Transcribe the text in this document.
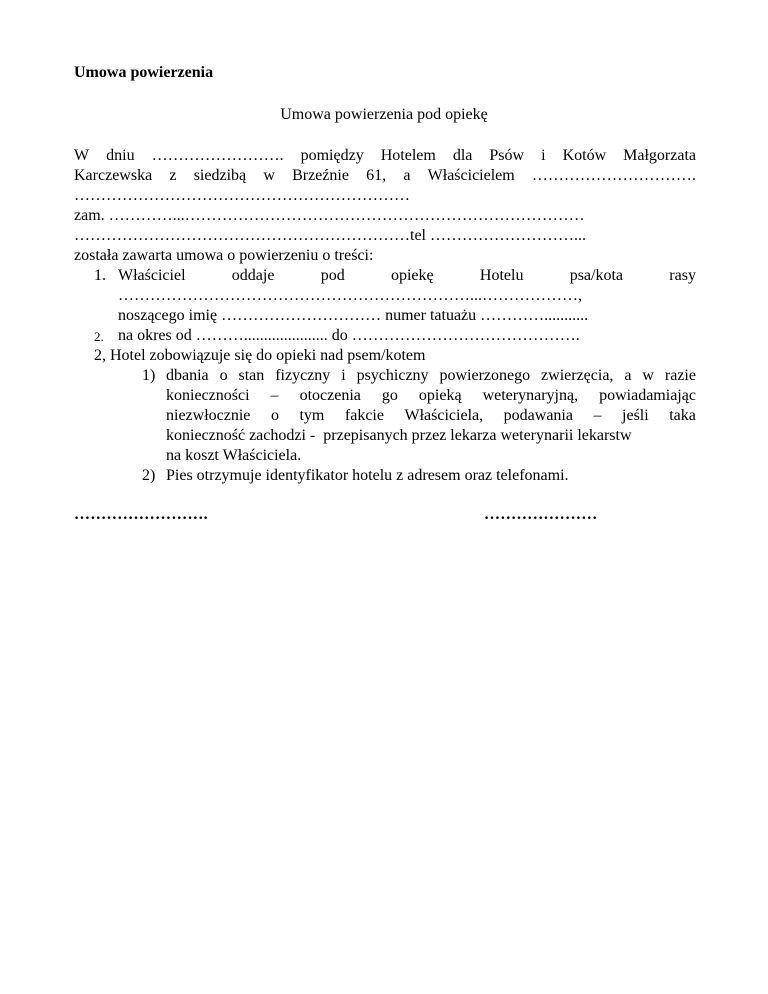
Umowa powierzenia
Umowa powierzenia pod opiekę
W dniu ……………………. pomiędzy Hotelem dla Psów i Kotów Małgorzata
Karczewska z siedzibą w Brzeźnie 61, a Właścicielem ………………………….
………………………………………………………
zam. …………...…………………………………………………………………
………………………………………………………tel ………………………...
została zawarta umowa o powierzeniu o treści:
1. Właściciel	oddaje	pod	opiekę	Hotelu	psa/kota	rasy
…………………………………………………………...………………,
noszącego imię ………………………… numer tatuażu …………...........
2. na okres od ………..................... do …………………………………….
2, Hotel zobowiązuje się do opieki nad psem/kotem
1) dbania o stan fizyczny i psychiczny powierzonego zwierzęcia, a w razie
konieczności – otoczenia go opieką weterynaryjną, powiadamiając
niezwłocznie o tym fakcie Właściciela, podawania – jeśli taka
konieczność zachodzi -  przepisanych przez lekarza weterynarii lekarstw
na koszt Właściciela.
2) Pies otrzymuje identyfikator hotelu z adresem oraz telefonami.
…………………….	…………………
